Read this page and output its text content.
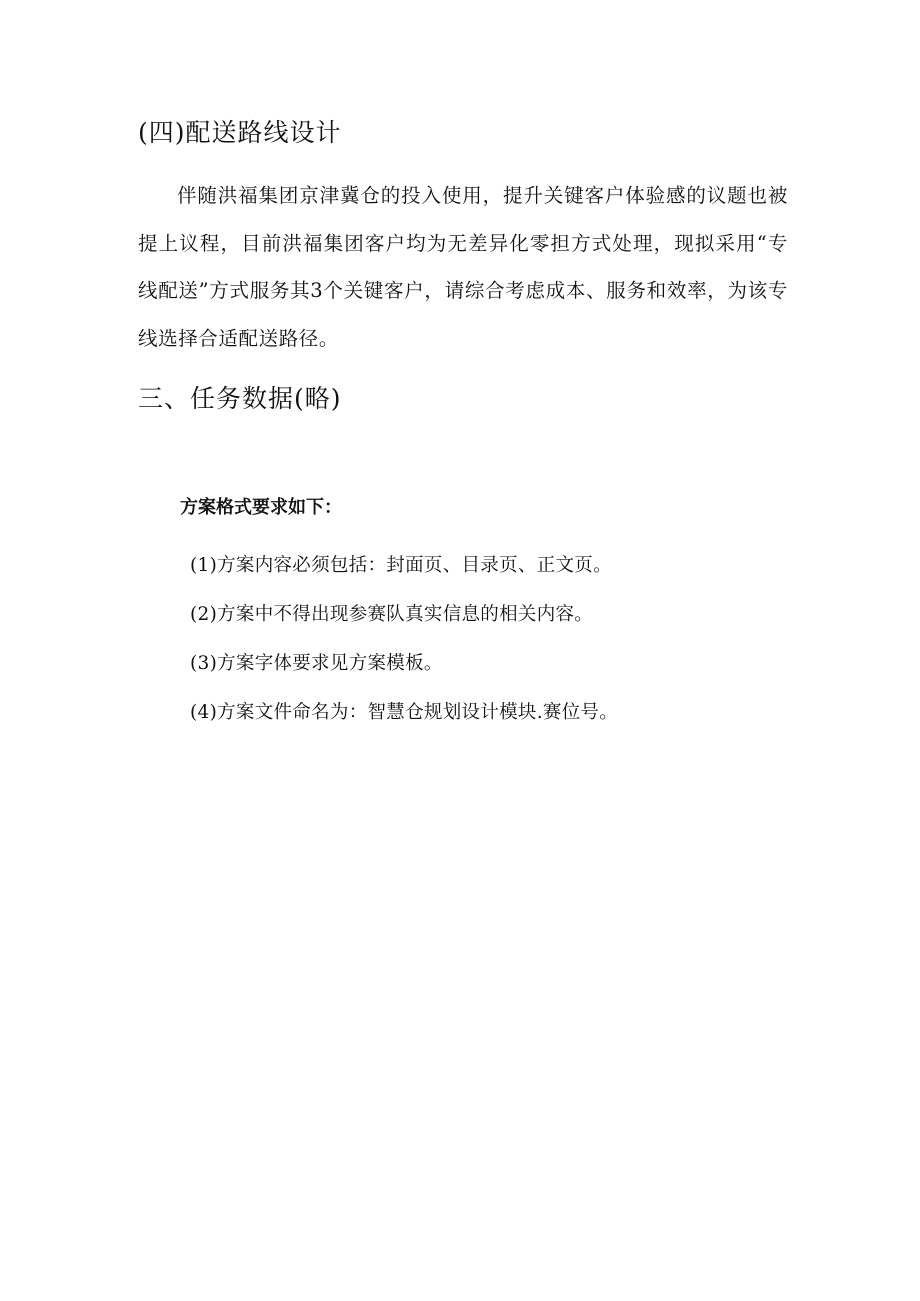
(四)配送路线设计

伴随洪福集团京津冀仓的投入使用，提升关键客户体验感的议题也被提上议程，目前洪福集团客户均为无差异化零担方式处理，现拟采用“专线配送”方式服务其3个关键客户，请综合考虑成本、服务和效率，为该专线选择合适配送路径。

三、任务数据(略)

方案格式要求如下：

(1)方案内容必须包括：封面页、目录页、正文页。
(2)方案中不得出现参赛队真实信息的相关内容。
(3)方案字体要求见方案模板。
(4)方案文件命名为：智慧仓规划设计模块.赛位号。
